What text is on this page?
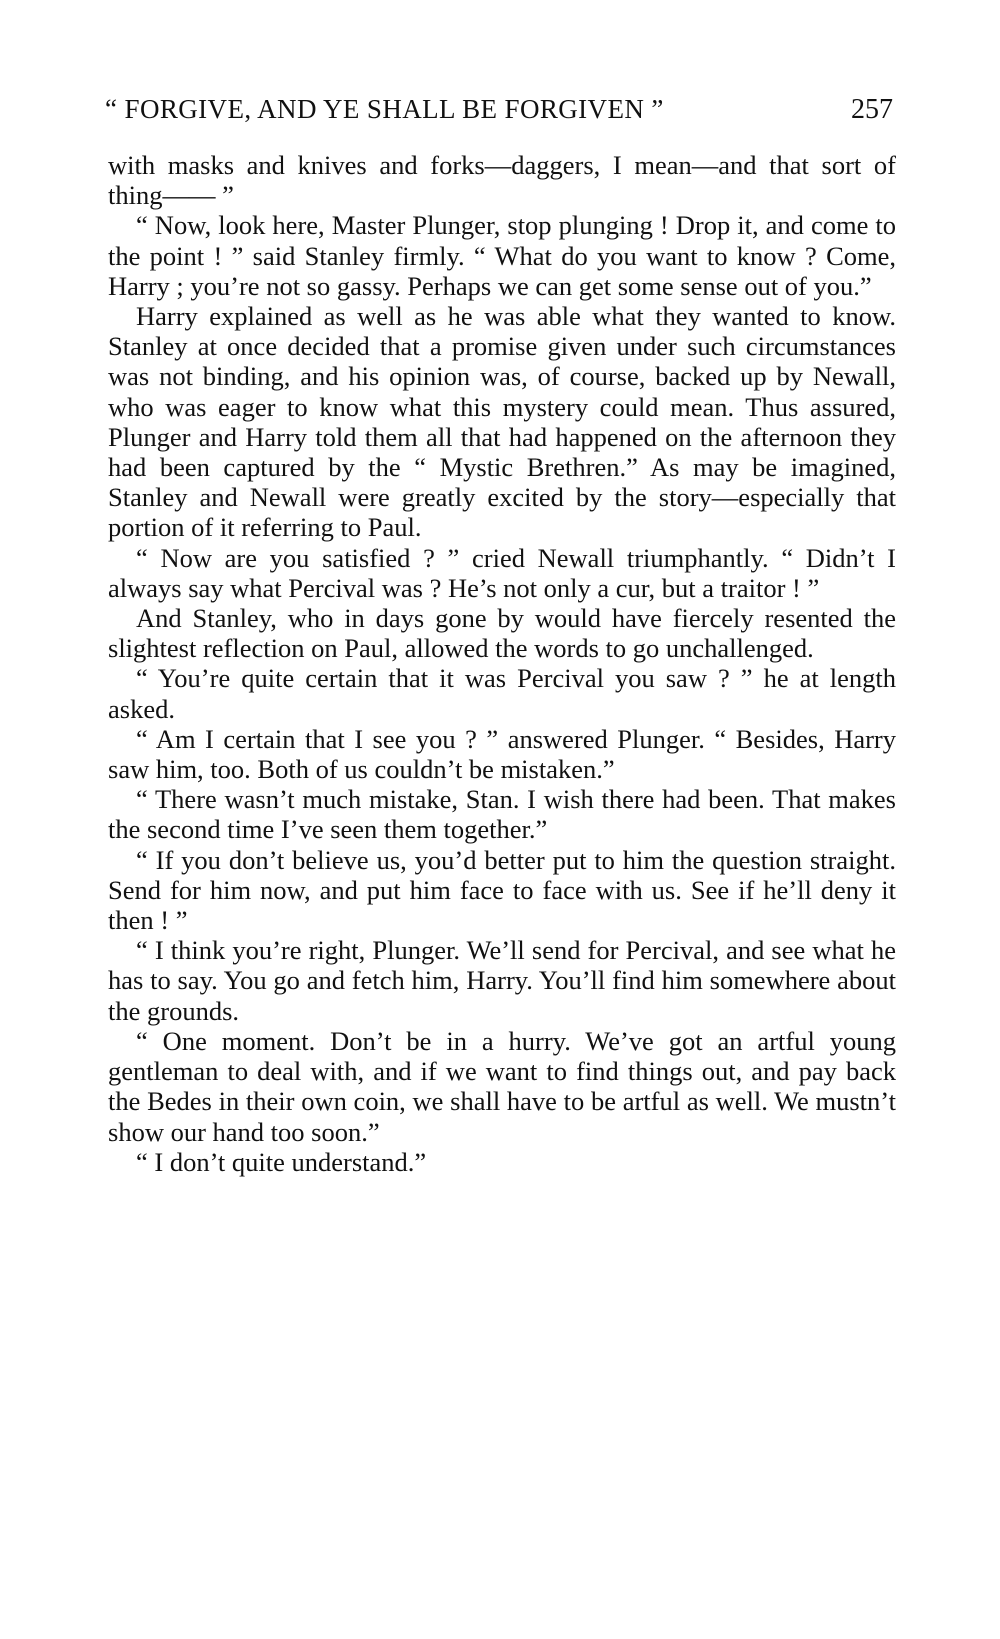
“ FORGIVE, AND YE SHALL BE FORGIVEN ”	257

with masks and knives and forks—daggers, I mean—and that sort of thing—— ”

“ Now, look here, Master Plunger, stop plunging ! Drop it, and come to the point ! ” said Stanley firmly. “ What do you want to know ? Come, Harry ; you’re not so gassy. Perhaps we can get some sense out of you.”

Harry explained as well as he was able what they wanted to know. Stanley at once decided that a promise given under such circumstances was not binding, and his opinion was, of course, backed up by Newall, who was eager to know what this mystery could mean. Thus assured, Plunger and Harry told them all that had happened on the afternoon they had been captured by the “ Mystic Brethren.” As may be imagined, Stanley and Newall were greatly excited by the story—especially that portion of it referring to Paul.

“ Now are you satisfied ? ” cried Newall triumphantly. “ Didn’t I always say what Percival was ? He’s not only a cur, but a traitor ! ”

And Stanley, who in days gone by would have fiercely resented the slightest reflection on Paul, allowed the words to go unchallenged.

“ You’re quite certain that it was Percival you saw ? ” he at length asked.

“ Am I certain that I see you ? ” answered Plunger. “ Besides, Harry saw him, too. Both of us couldn’t be mistaken.”

“ There wasn’t much mistake, Stan. I wish there had been. That makes the second time I’ve seen them together.”

“ If you don’t believe us, you’d better put to him the question straight. Send for him now, and put him face to face with us. See if he’ll deny it then ! ”

“ I think you’re right, Plunger. We’ll send for Percival, and see what he has to say. You go and fetch him, Harry. You’ll find him somewhere about the grounds.

“ One moment. Don’t be in a hurry. We’ve got an artful young gentleman to deal with, and if we want to find things out, and pay back the Bedes in their own coin, we shall have to be artful as well. We mustn’t show our hand too soon.”

“ I don’t quite understand.”
